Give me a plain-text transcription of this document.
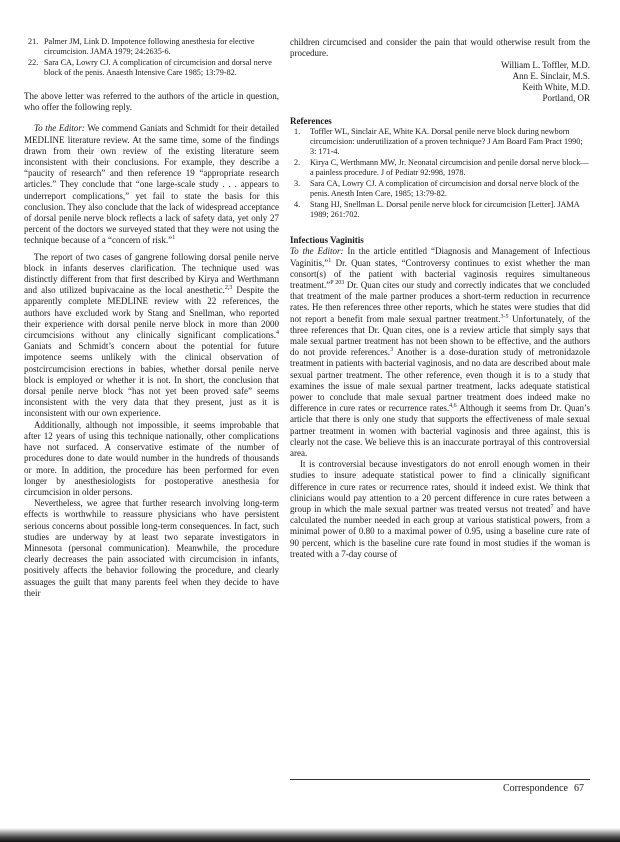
21. Palmer JM, Link D. Impotence following anesthesia for elective circumcision. JAMA 1979; 24:2635-6.
22. Sara CA, Lowry CJ. A complication of circumcision and dorsal nerve block of the penis. Anaesth Intensive Care 1985; 13:79-82.

The above letter was referred to the authors of the article in question, who offer the following reply.

To the Editor: We commend Ganiats and Schmidt for their detailed MEDLINE literature review. At the same time, some of the findings drawn from their own review of the existing literature seem inconsistent with their conclusions. For example, they describe a “paucity of research” and then reference 19 “appropriate research articles.” They conclude that “one large-scale study . . . appears to underreport complications,” yet fail to state the basis for this conclusion. They also conclude that the lack of widespread acceptance of dorsal penile nerve block reflects a lack of safety data, yet only 27 percent of the doctors we surveyed stated that they were not using the technique because of a “concern of risk.”$^1$

The report of two cases of gangrene following dorsal penile nerve block in infants deserves clarification. The technique used was distinctly different from that first described by Kirya and Werthmann and also utilized bupivacaine as the local anesthetic.$^{2,3}$ Despite the apparently complete MEDLINE review with 22 references, the authors have excluded work by Stang and Snellman, who reported their experience with dorsal penile nerve block in more than 2000 circumcisions without any clinically significant complications.$^4$ Ganiats and Schmidt’s concern about the potential for future impotence seems unlikely with the clinical observation of postcircumcision erections in babies, whether dorsal penile nerve block is employed or whether it is not. In short, the conclusion that dorsal penile nerve block “has not yet been proved safe” seems inconsistent with the very data that they present, just as it is inconsistent with our own experience.

Additionally, although not impossible, it seems improbable that after 12 years of using this technique nationally, other complications have not surfaced. A conservative estimate of the number of procedures done to date would number in the hundreds of thousands or more. In addition, the procedure has been performed for even longer by anesthesiologists for postoperative anesthesia for circumcision in older persons.

Nevertheless, we agree that further research involving long-term effects is worthwhile to reassure physicians who have persistent serious concerns about possible long-term consequences. In fact, such studies are underway by at least two separate investigators in Minnesota (personal communication). Meanwhile, the procedure clearly decreases the pain associated with circumcision in infants, positively affects the behavior following the procedure, and clearly assuages the guilt that many parents feel when they decide to have their

children circumcised and consider the pain that would otherwise result from the procedure.

William L. Toffler, M.D.
Ann E. Sinclair, M.S.
Keith White, M.D.
Portland, OR

References

1. Toffler WL, Sinclair AE, White KA. Dorsal penile nerve block during newborn circumcision: underutilization of a proven technique? J Am Board Fam Pract 1990; 3: 171-4.
2. Kirya C, Werthmann MW, Jr. Neonatal circumcision and penile dorsal nerve block—a painless procedure. J of Pediatr 92:998, 1978.
3. Sara CA, Lowry CJ. A complication of circumcision and dorsal nerve block of the penis. Anesth Inten Care, 1985; 13:79-82.
4. Stang HJ, Snellman L. Dorsal penile nerve block for circumcision [Letter]. JAMA 1989; 261:702.

Infectious Vaginitis

To the Editor: In the article entitled “Diagnosis and Management of Infectious Vaginitis,”$^1$ Dr. Quan states, “Controversy continues to exist whether the man consort(s) of the patient with bacterial vaginosis requires simultaneous treatment.”$^{P 203}$ Dr. Quan cites our study and correctly indicates that we concluded that treatment of the male partner produces a short-term reduction in recurrence rates. He then references three other reports, which he states were studies that did not report a benefit from male sexual partner treatment.$^{3-5}$ Unfortunately, of the three references that Dr. Quan cites, one is a review article that simply says that male sexual partner treatment has not been shown to be effective, and the authors do not provide references.$^3$ Another is a dose-duration study of metronidazole treatment in patients with bacterial vaginosis, and no data are described about male sexual partner treatment. The other reference, even though it is to a study that examines the issue of male sexual partner treatment, lacks adequate statistical power to conclude that male sexual partner treatment does indeed make no difference in cure rates or recurrence rates.$^{4,6}$ Although it seems from Dr. Quan’s article that there is only one study that supports the effectiveness of male sexual partner treatment in women with bacterial vaginosis and three against, this is clearly not the case. We believe this is an inaccurate portrayal of this controversial area.

It is controversial because investigators do not enroll enough women in their studies to insure adequate statistical power to find a clinically significant difference in cure rates or recurrence rates, should it indeed exist. We think that clinicians would pay attention to a 20 percent difference in cure rates between a group in which the male sexual partner was treated versus not treated$^7$ and have calculated the number needed in each group at various statistical powers, from a minimal power of 0.80 to a maximal power of 0.95, using a baseline cure rate of 90 percent, which is the baseline cure rate found in most studies if the woman is treated with a 7-day course of

Correspondence 67
